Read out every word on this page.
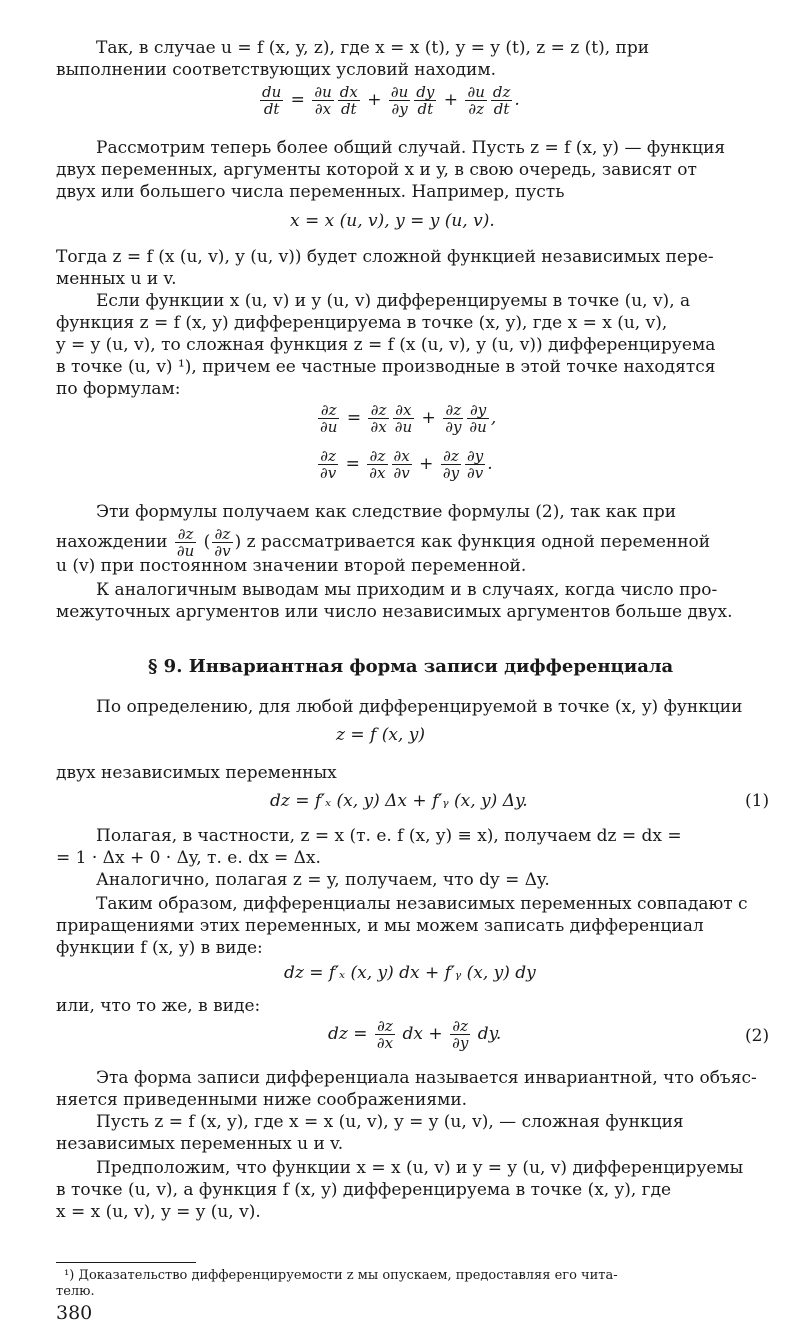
Так, в случае u = f (x, y, z), где x = x (t), y = y (t), z = z (t), при
выполнении соответствующих условий находим.
$\frac{du}{dt} = \frac{\partial u}{\partial x} \frac{dx}{dt} + \frac{\partial u}{\partial y} \frac{dy}{dt} + \frac{\partial u}{\partial z} \frac{dz}{dt}$ .
Рассмотрим теперь более общий случай. Пусть z = f (x, y) — функция
двух переменных, аргументы которой x и y, в свою очередь, зависят от
двух или большего числа переменных. Например, пусть
x = x (u, v), y = y (u, v).
Тогда z = f (x (u, v), y (u, v)) будет сложной функцией независимых пере-
менных u и v.
Если функции x (u, v) и y (u, v) дифференцируемы в точке (u, v), а
функция z = f (x, y) дифференцируема в точке (x, y), где x = x (u, v),
y = y (u, v), то сложная функция z = f (x (u, v), y (u, v)) дифференцируема
в точке (u, v) ¹), причем ее частные производные в этой точке находятся
по формулам:
$\frac{\partial z}{\partial u} = \frac{\partial z}{\partial x} \frac{\partial x}{\partial u} + \frac{\partial z}{\partial y} \frac{\partial y}{\partial u}$ ,
$\frac{\partial z}{\partial v} = \frac{\partial z}{\partial x} \frac{\partial x}{\partial v} + \frac{\partial z}{\partial y} \frac{\partial y}{\partial v}$ .
Эти формулы получаем как следствие формулы (2), так как при
нахождении $\frac{\partial z}{\partial u}$ ( $\frac{\partial z}{\partial v}$ ) z рассматривается как функция одной переменной
u (v) при постоянном значении второй переменной.
К аналогичным выводам мы приходим и в случаях, когда число про-
межуточных аргументов или число независимых аргументов больше двух.
§ 9. Инвариантная форма записи дифференциала
По определению, для любой дифференцируемой в точке (x, y) функции
z = f (x, y)
двух независимых переменных
dz = f′ₓ (x, y) Δx + f′ᵧ (x, y) Δy.	(1)
Полагая, в частности, z = x (т. е. f (x, y) ≡ x), получаем dz = dx =
= 1 · Δx + 0 · Δy, т. е. dx = Δx.
Аналогично, полагая z = y, получаем, что dy = Δy.
Таким образом, дифференциалы независимых переменных совпадают с
приращениями этих переменных, и мы можем записать дифференциал
функции f (x, y) в виде:
dz = f′ₓ (x, y) dx + f′ᵧ (x, y) dy
или, что то же, в виде:
dz = $\frac{\partial z}{\partial x}$ dx + $\frac{\partial z}{\partial y}$ dy.	(2)
Эта форма записи дифференциала называется инвариантной, что объяс-
няется приведенными ниже соображениями.
Пусть z = f (x, y), где x = x (u, v), y = y (u, v), — сложная функция
независимых переменных u и v.
Предположим, что функции x = x (u, v) и y = y (u, v) дифференцируемы
в точке (u, v), а функция f (x, y) дифференцируема в точке (x, y), где
x = x (u, v), y = y (u, v).
¹) Доказательство дифференцируемости z мы опускаем, предоставляя его чита-
телю.
380
